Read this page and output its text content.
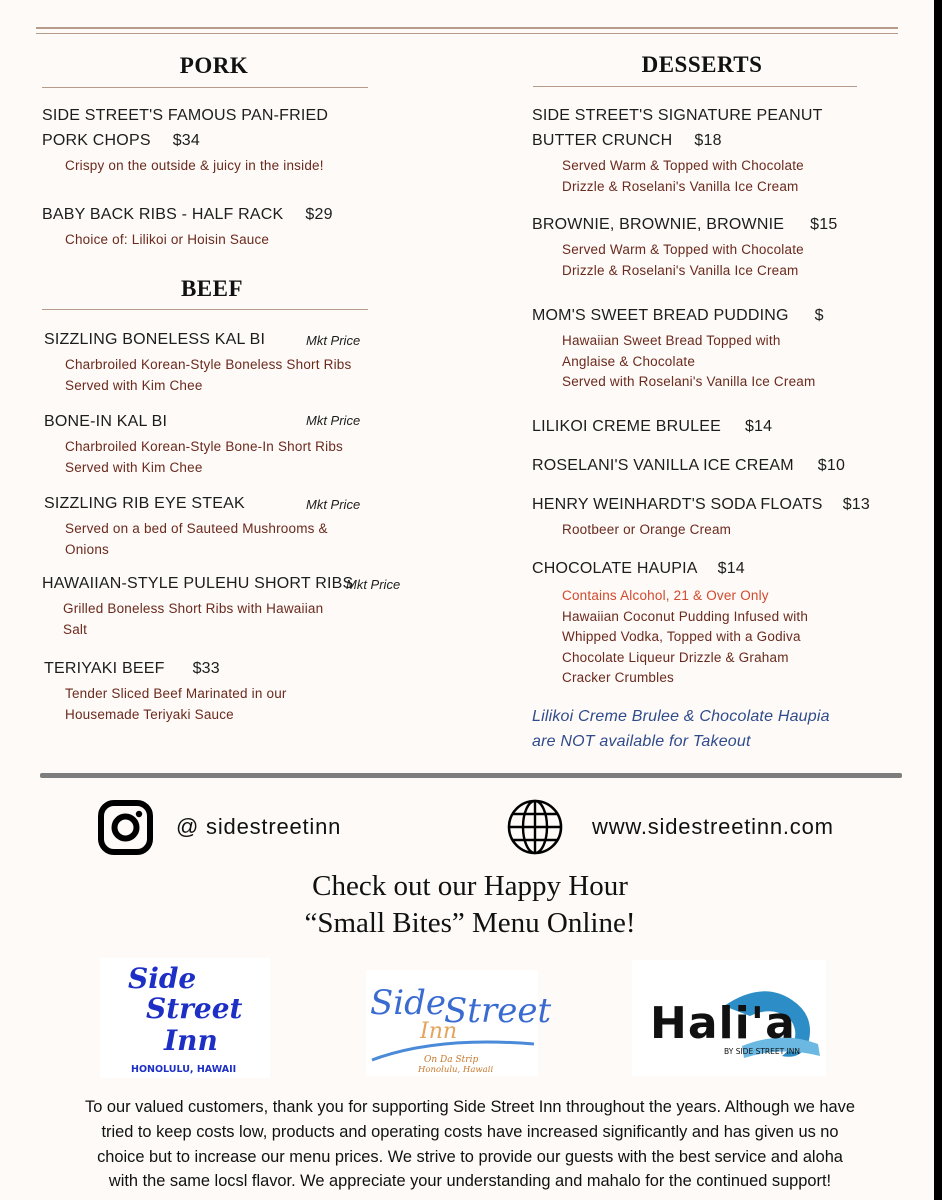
PORK
SIDE STREET'S FAMOUS PAN-FRIED
PORK CHOPS $34
Crispy on the outside & juicy in the inside!
BABY BACK RIBS - HALF RACK $29
Choice of: Lilikoi or Hoisin Sauce
BEEF
SIZZLING BONELESS KAL BI	Mkt Price
Charbroiled Korean-Style Boneless Short Ribs
Served with Kim Chee
BONE-IN KAL BI	Mkt Price
Charbroiled Korean-Style Bone-In Short Ribs
Served with Kim Chee
SIZZLING RIB EYE STEAK	Mkt Price
Served on a bed of Sauteed Mushrooms &
Onions
HAWAIIAN-STYLE PULEHU SHORT RIBS
Mkt Price
Grilled Boneless Short Ribs with Hawaiian
Salt
TERIYAKI BEEF $33
Tender Sliced Beef Marinated in our
Housemade Teriyaki Sauce
DESSERTS
SIDE STREET'S SIGNATURE PEANUT
BUTTER CRUNCH $18
Served Warm & Topped with Chocolate
Drizzle & Roselani's Vanilla Ice Cream
BROWNIE, BROWNIE, BROWNIE $15
Served Warm & Topped with Chocolate
Drizzle & Roselani's Vanilla Ice Cream
MOM'S SWEET BREAD PUDDING $
Hawaiian Sweet Bread Topped with
Anglaise & Chocolate
Served with Roselani's Vanilla Ice Cream
LILIKOI CREME BRULEE $14
ROSELANI'S VANILLA ICE CREAM $10
HENRY WEINHARDT'S SODA FLOATS $13
Rootbeer or Orange Cream
CHOCOLATE HAUPIA $14
Contains Alcohol, 21 & Over Only
Hawaiian Coconut Pudding Infused with
Whipped Vodka, Topped with a Godiva
Chocolate Liqueur Drizzle & Graham
Cracker Crumbles
Lilikoi Creme Brulee & Chocolate Haupia
are NOT available for Takeout
@ sidestreetinn	www.sidestreetinn.com
Check out our Happy Hour
“Small Bites” Menu Online!
Side
Street
Inn
HONOLULU, HAWAII
Side
Street
Inn
On Da Strip
Honolulu, Hawaii
Hali'a
BY SIDE STREET INN
To our valued customers, thank you for supporting Side Street Inn throughout the years. Although we have
tried to keep costs low, products and operating costs have increased significantly and has given us no
choice but to increase our menu prices. We strive to provide our guests with the best service and aloha
with the same locsl flavor. We appreciate your understanding and mahalo for the continued support!
